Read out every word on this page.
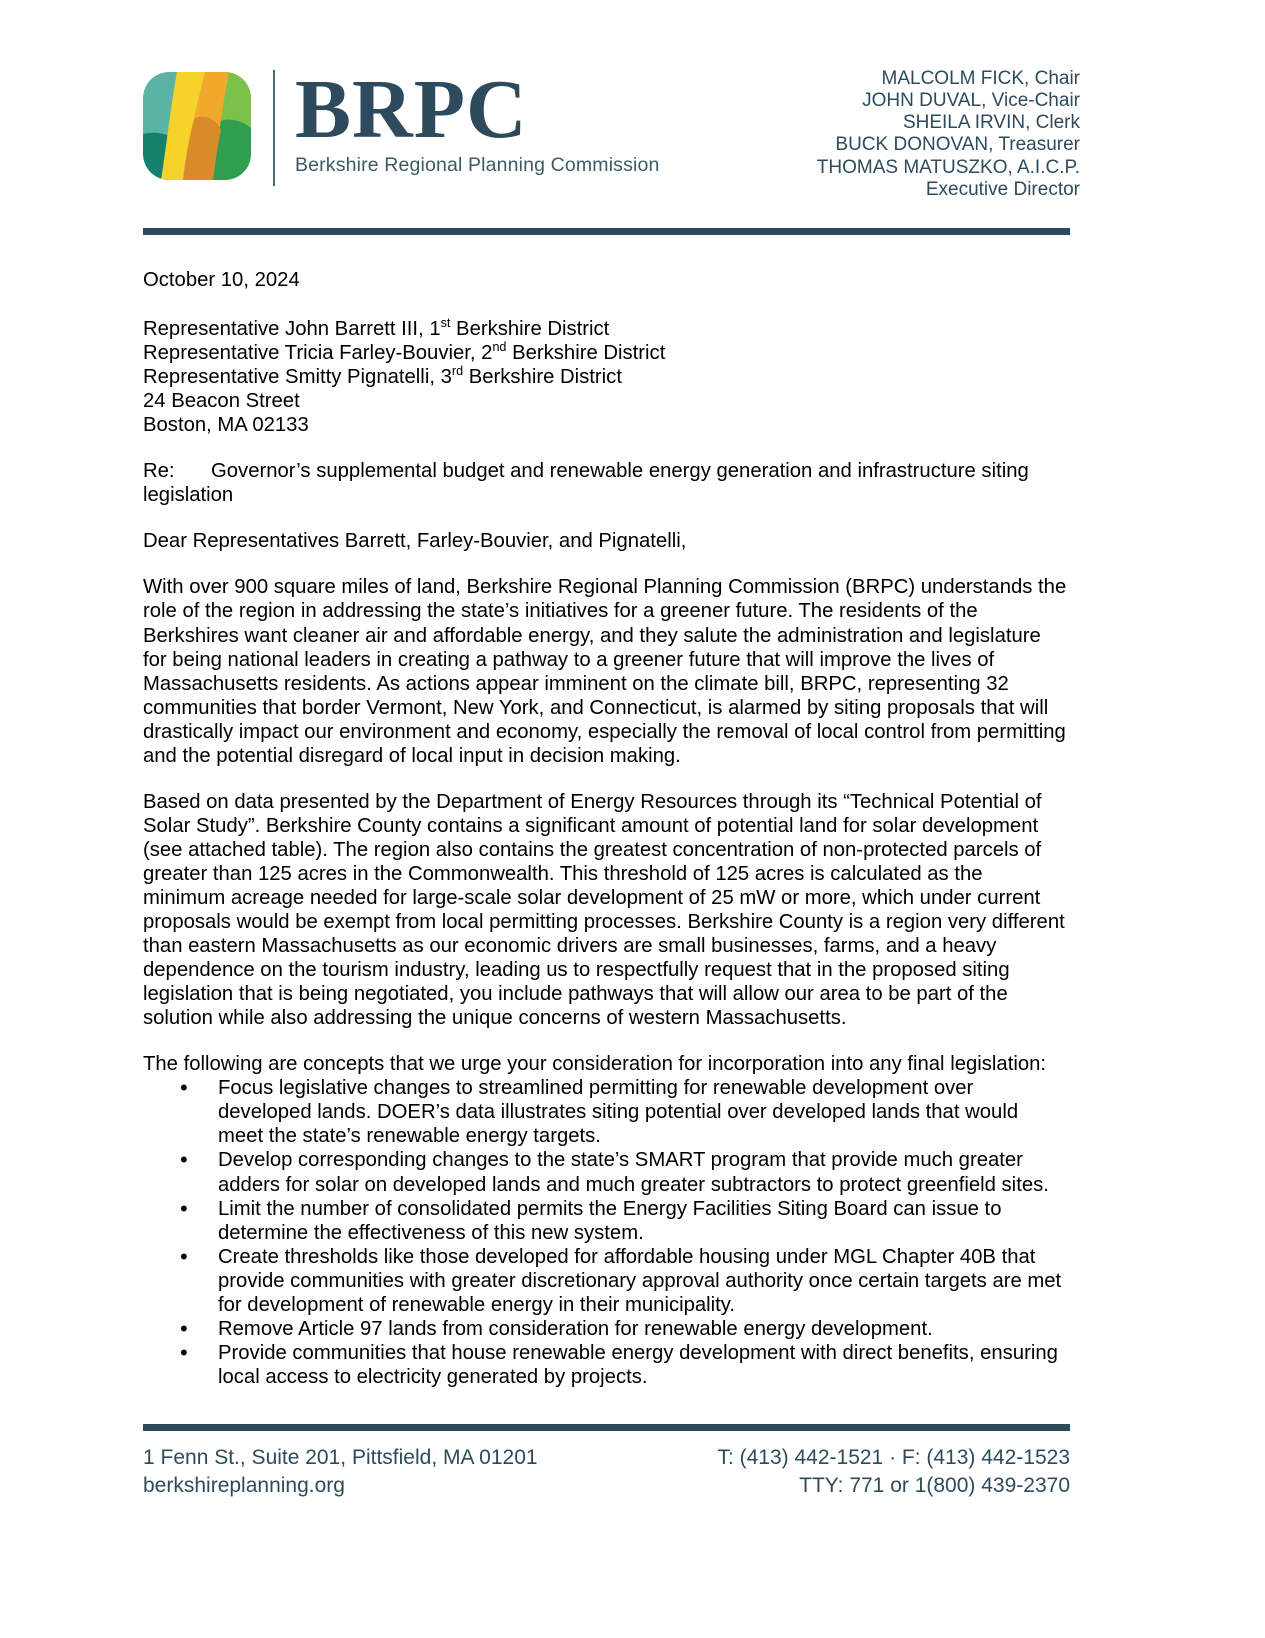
BRPC
Berkshire Regional Planning Commission
MALCOLM FICK, Chair
JOHN DUVAL, Vice-Chair
SHEILA IRVIN, Clerk
BUCK DONOVAN, Treasurer
THOMAS MATUSZKO, A.I.C.P.
Executive Director

October 10, 2024

Representative John Barrett III, 1st Berkshire District

Representative Tricia Farley-Bouvier, 2nd Berkshire District

Representative Smitty Pignatelli, 3rd Berkshire District

24 Beacon Street

Boston, MA 02133

Re: Governor’s supplemental budget and renewable energy generation and infrastructure siting legislation

Dear Representatives Barrett, Farley-Bouvier, and Pignatelli,

With over 900 square miles of land, Berkshire Regional Planning Commission (BRPC) understands the role of the region in addressing the state’s initiatives for a greener future. The residents of the Berkshires want cleaner air and affordable energy, and they salute the administration and legislature for being national leaders in creating a pathway to a greener future that will improve the lives of Massachusetts residents. As actions appear imminent on the climate bill, BRPC, representing 32 communities that border Vermont, New York, and Connecticut, is alarmed by siting proposals that will drastically impact our environment and economy, especially the removal of local control from permitting and the potential disregard of local input in decision making.

Based on data presented by the Department of Energy Resources through its “Technical Potential of Solar Study”. Berkshire County contains a significant amount of potential land for solar development (see attached table). The region also contains the greatest concentration of non-protected parcels of greater than 125 acres in the Commonwealth. This threshold of 125 acres is calculated as the minimum acreage needed for large-scale solar development of 25 mW or more, which under current proposals would be exempt from local permitting processes. Berkshire County is a region very different than eastern Massachusetts as our economic drivers are small businesses, farms, and a heavy dependence on the tourism industry, leading us to respectfully request that in the proposed siting legislation that is being negotiated, you include pathways that will allow our area to be part of the solution while also addressing the unique concerns of western Massachusetts.

The following are concepts that we urge your consideration for incorporation into any final legislation:

• Focus legislative changes to streamlined permitting for renewable development over developed lands. DOER’s data illustrates siting potential over developed lands that would meet the state’s renewable energy targets.
• Develop corresponding changes to the state’s SMART program that provide much greater adders for solar on developed lands and much greater subtractors to protect greenfield sites.
• Limit the number of consolidated permits the Energy Facilities Siting Board can issue to determine the effectiveness of this new system.
• Create thresholds like those developed for affordable housing under MGL Chapter 40B that provide communities with greater discretionary approval authority once certain targets are met for development of renewable energy in their municipality.
• Remove Article 97 lands from consideration for renewable energy development.
• Provide communities that house renewable energy development with direct benefits, ensuring local access to electricity generated by projects.
1 Fenn St., Suite 201, Pittsfield, MA 01201
berkshireplanning.org
T: (413) 442-1521 · F: (413) 442-1523
TTY: 771 or 1(800) 439-2370
